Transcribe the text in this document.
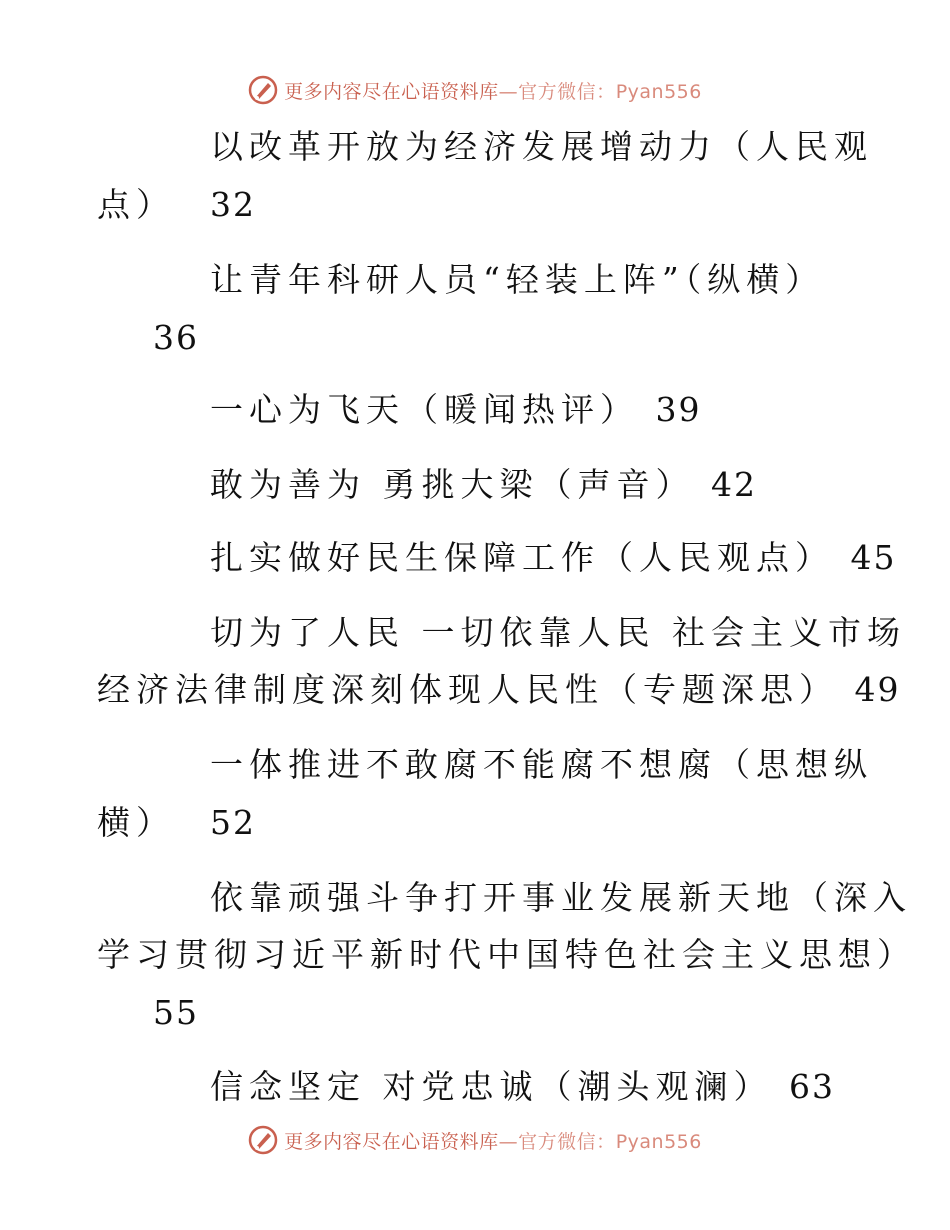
更多内容尽在心语资料库—官方微信：Pyan556
以改革开放为经济发展增动力（人民观
点） 32
让青年科研人员“轻装上阵”（纵横）
36
一心为飞天（暖闻热评） 39
敢为善为 勇挑大梁（声音） 42
扎实做好民生保障工作（人民观点） 45
切为了人民 一切依靠人民 社会主义市场
经济法律制度深刻体现人民性（专题深思） 49
一体推进不敢腐不能腐不想腐（思想纵
横） 52
依靠顽强斗争打开事业发展新天地（深入
学习贯彻习近平新时代中国特色社会主义思想）
55
信念坚定 对党忠诚（潮头观澜） 63
更多内容尽在心语资料库—官方微信：Pyan556
